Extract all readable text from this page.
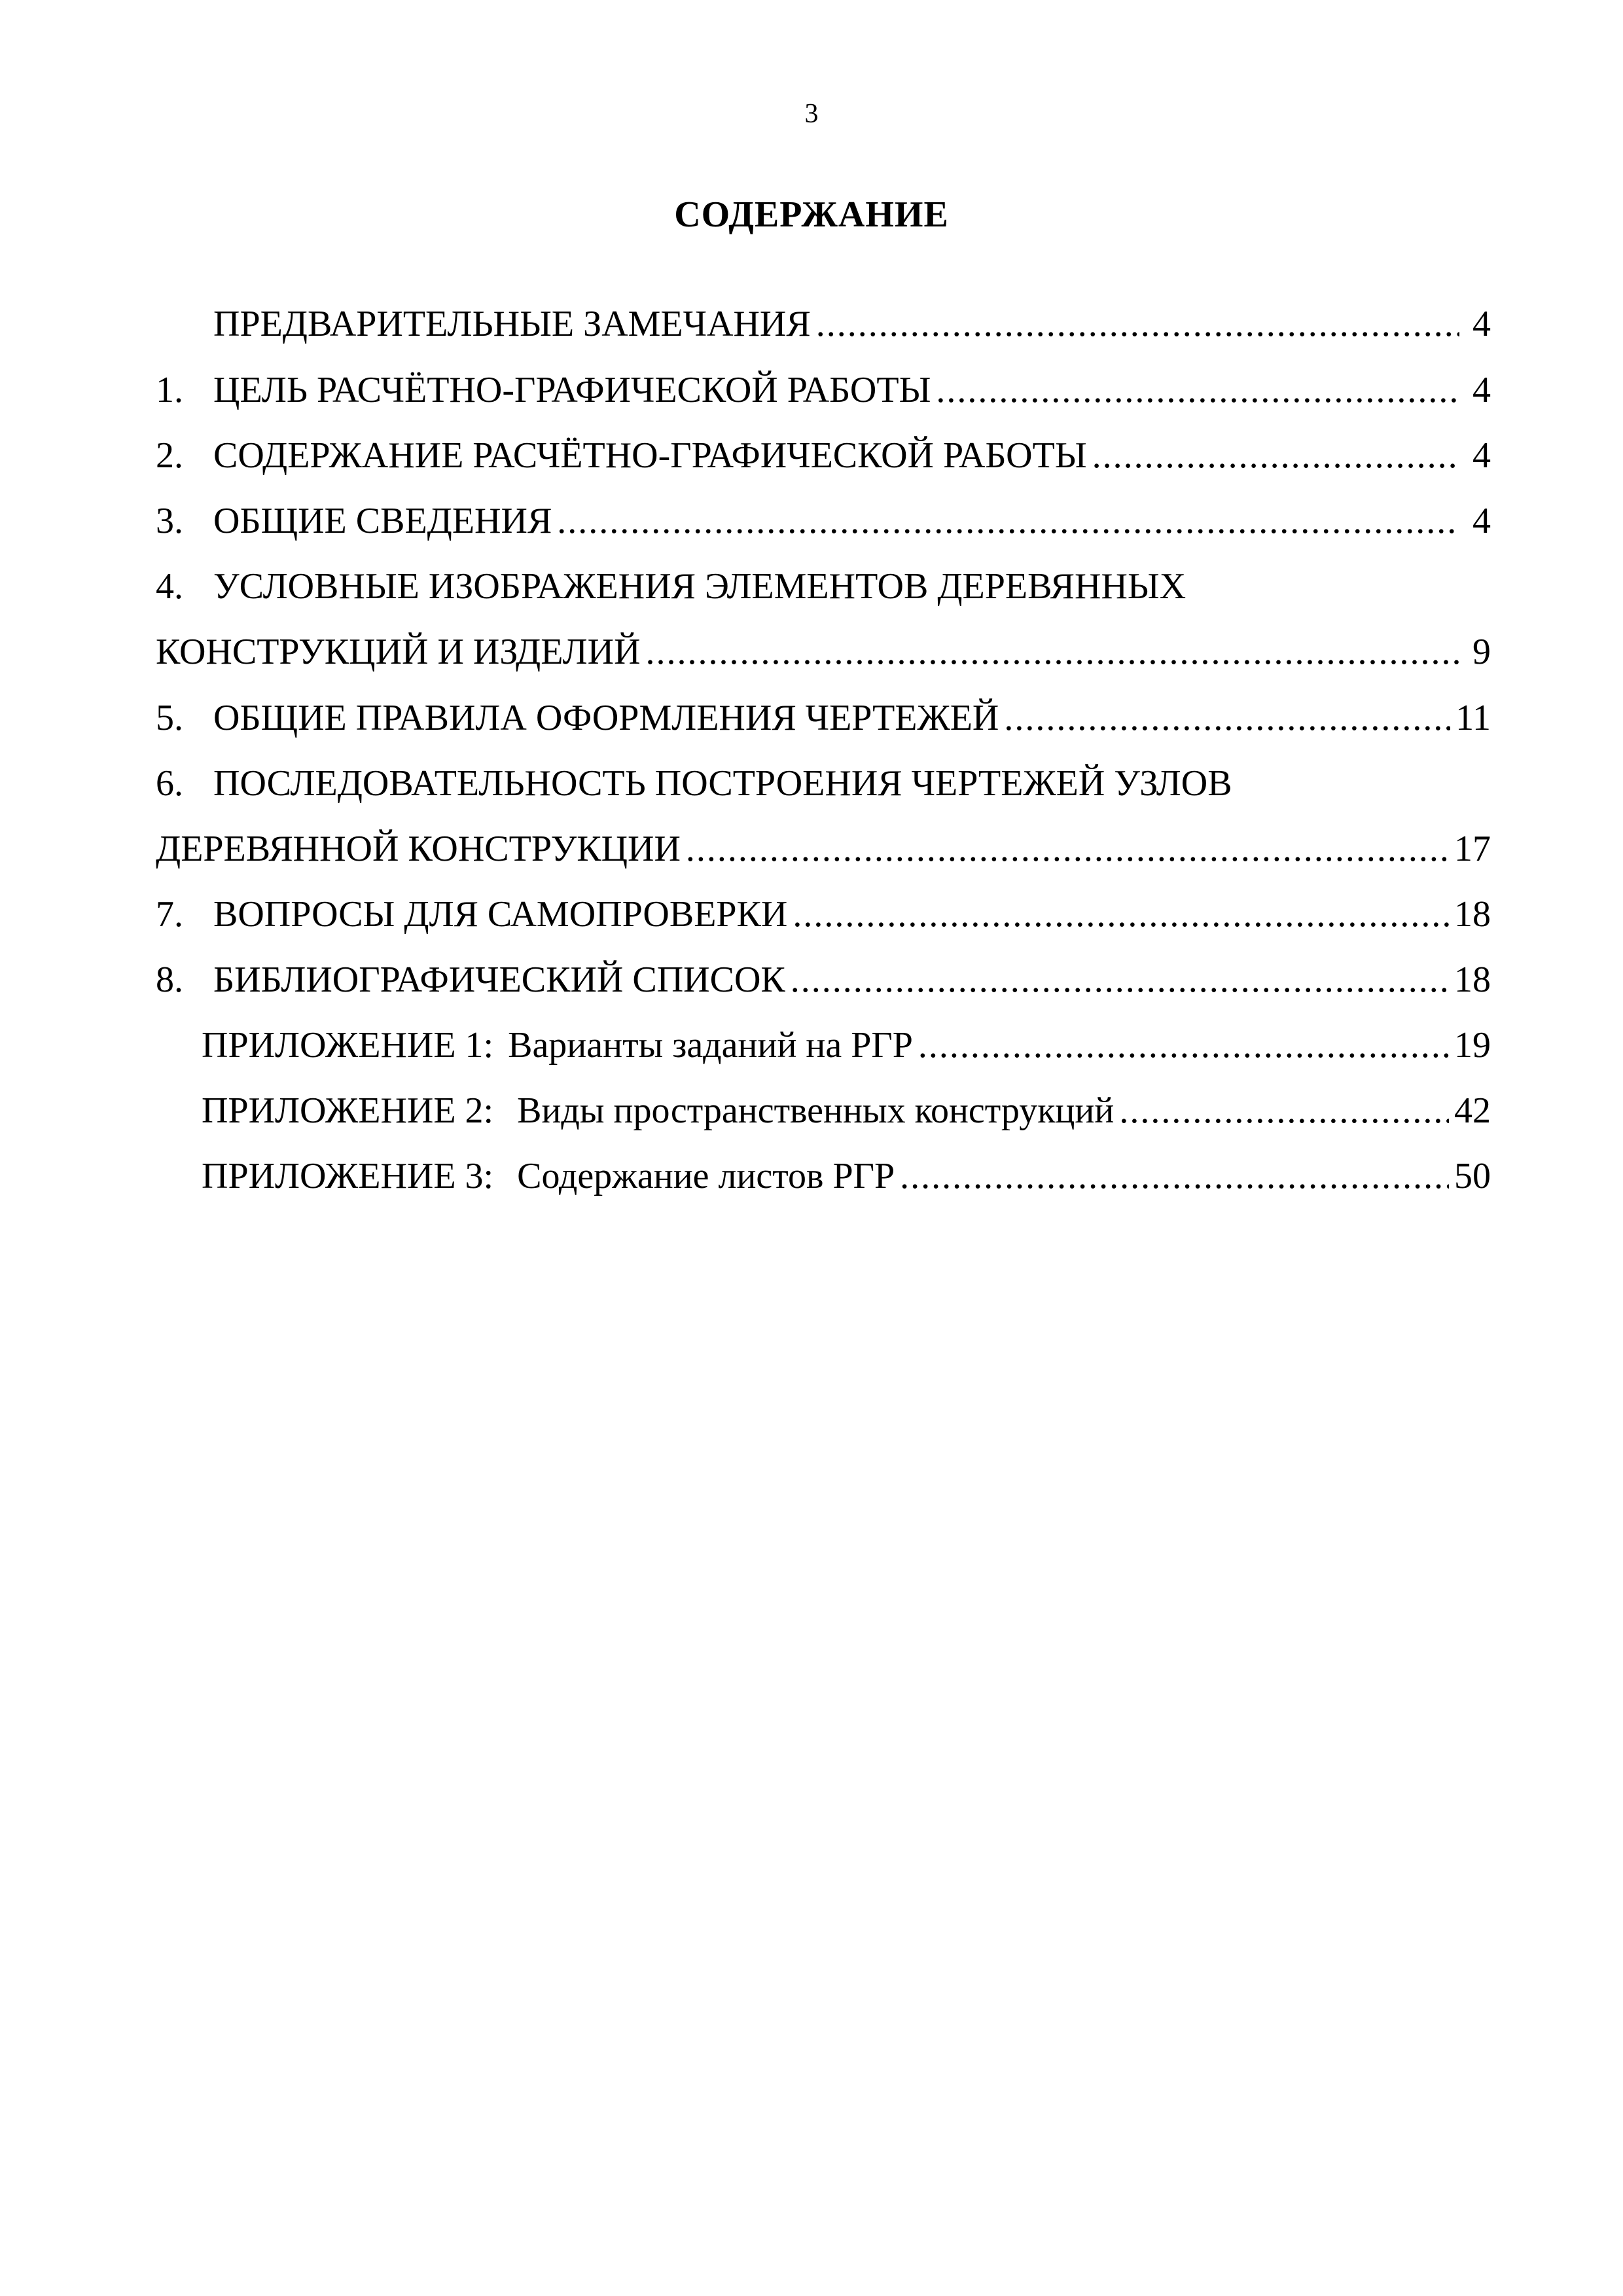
3
СОДЕРЖАНИЕ
ПРЕДВАРИТЕЛЬНЫЕ ЗАМЕЧАНИЯ .....	4
1. ЦЕЛЬ РАСЧЁТНО-ГРАФИЧЕСКОЙ РАБОТЫ .....	4
2. СОДЕРЖАНИЕ РАСЧЁТНО-ГРАФИЧЕСКОЙ РАБОТЫ .....	4
3. ОБЩИЕ СВЕДЕНИЯ .....	4
4. УСЛОВНЫЕ ИЗОБРАЖЕНИЯ ЭЛЕМЕНТОВ ДЕРЕВЯННЫХ
КОНСТРУКЦИЙ И ИЗДЕЛИЙ .....	9
5. ОБЩИЕ ПРАВИЛА ОФОРМЛЕНИЯ ЧЕРТЕЖЕЙ .....	11
6. ПОСЛЕДОВАТЕЛЬНОСТЬ ПОСТРОЕНИЯ ЧЕРТЕЖЕЙ УЗЛОВ
ДЕРЕВЯННОЙ КОНСТРУКЦИИ .....	17
7. ВОПРОСЫ ДЛЯ САМОПРОВЕРКИ .....	18
8. БИБЛИОГРАФИЧЕСКИЙ СПИСОК .....	18
ПРИЛОЖЕНИЕ 1: Варианты заданий на РГР .....	19
ПРИЛОЖЕНИЕ 2: Виды пространственных конструкций .....	42
ПРИЛОЖЕНИЕ 3: Содержание листов РГР .....	50
